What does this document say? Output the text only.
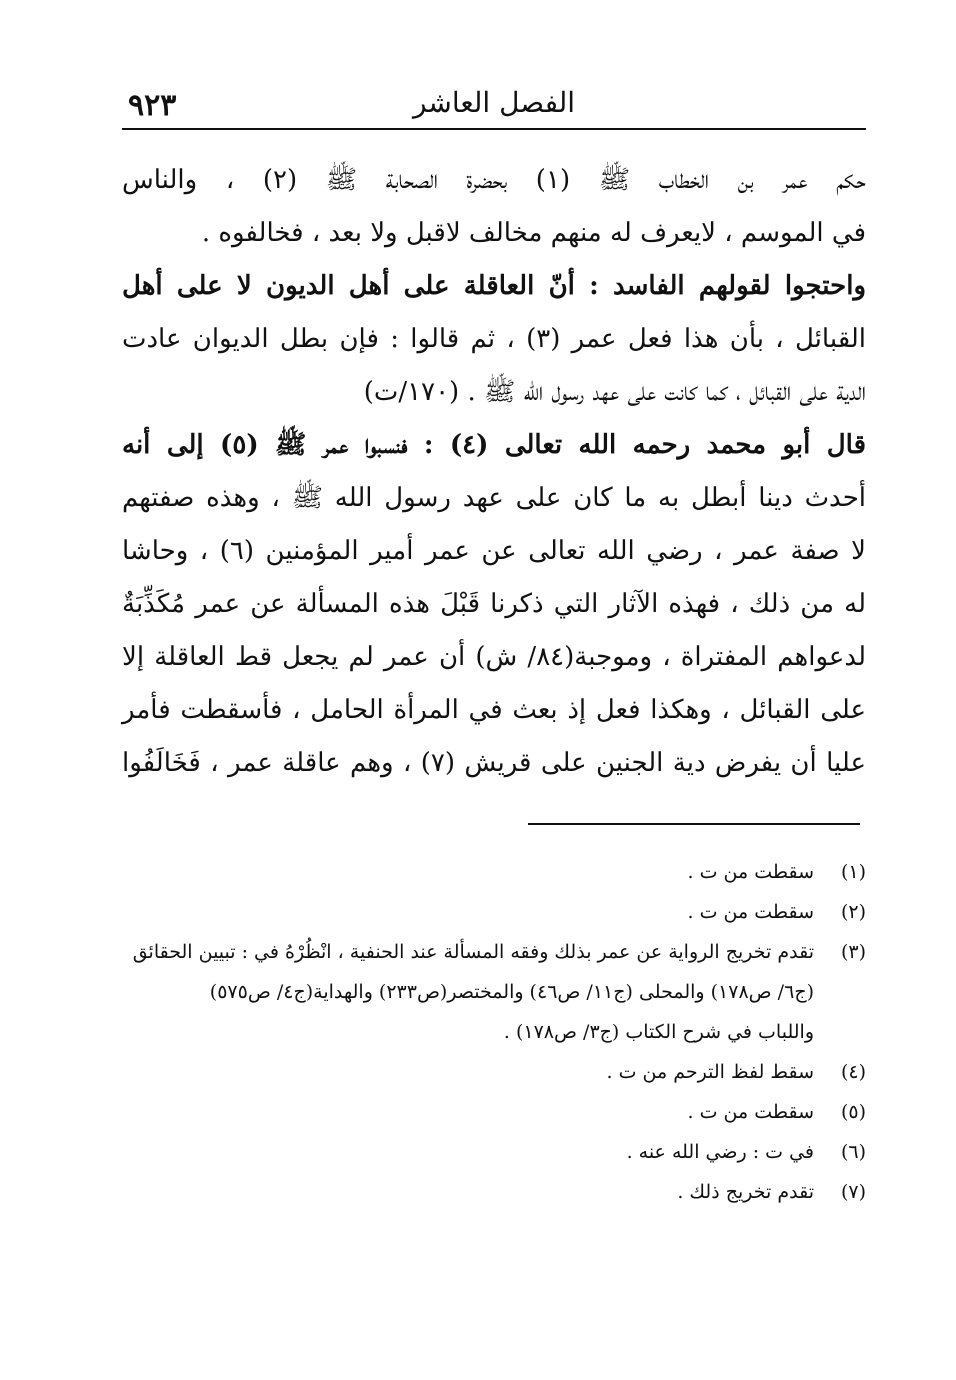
٩٢٣	الفصل العاشر
حكم عمر بن الخطاب ﷺ (١) بحضرة الصحابة ﷺ (٢) ، والناس
في الموسم ، لايعرف له منهم مخالف لاقبل ولا بعد ، فخالفوه .
واحتجوا لقولهم الفاسد : أنّ العاقلة على أهل الديون لا على أهل
القبائل ، بأن هذا فعل عمر (٣) ، ثم قالوا : فإن بطل الديوان عادت
الدية على القبائل ، كما كانت على عهد رسول الله ﷺ . (١٧٠/ت)
قال أبو محمد رحمه الله تعالى (٤) : فنسبوا عمر ﷺ (٥) إلى أنه
أحدث دينا أبطل به ما كان على عهد رسول الله ﷺ ، وهذه صفتهم
لا صفة عمر ، رضي الله تعالى عن عمر أمير المؤمنين (٦) ، وحاشا
له من ذلك ، فهذه الآثار التي ذكرنا قَبْلَ هذه المسألة عن عمر مُكَذِّبَةٌ
لدعواهم المفتراة ، وموجبة(٨٤/ ش) أن عمر لم يجعل قط العاقلة إلا
على القبائل ، وهكذا فعل إذ بعث في المرأة الحامل ، فأسقطت فأمر
عليا أن يفرض دية الجنين على قريش (٧) ، وهم عاقلة عمر ، فَخَالَفُوا
(١)
سقطت من ت .
(٢)
سقطت من ت .
(٣)
تقدم تخريج الرواية عن عمر بذلك وفقه المسألة عند الحنفية ، انْظُرْهُ في : تبيين الحقائق
(ج٦/ ص١٧٨) والمحلى (ج١١/ ص٤٦) والمختصر(ص٢٣٣) والهداية(ج٤/ ص٥٧٥)
واللباب في شرح الكتاب (ج٣/ ص١٧٨) .
(٤)
سقط لفظ الترحم من ت .
(٥)
سقطت من ت .
(٦)
في ت : رضي الله عنه .
(٧)
تقدم تخريج ذلك .
